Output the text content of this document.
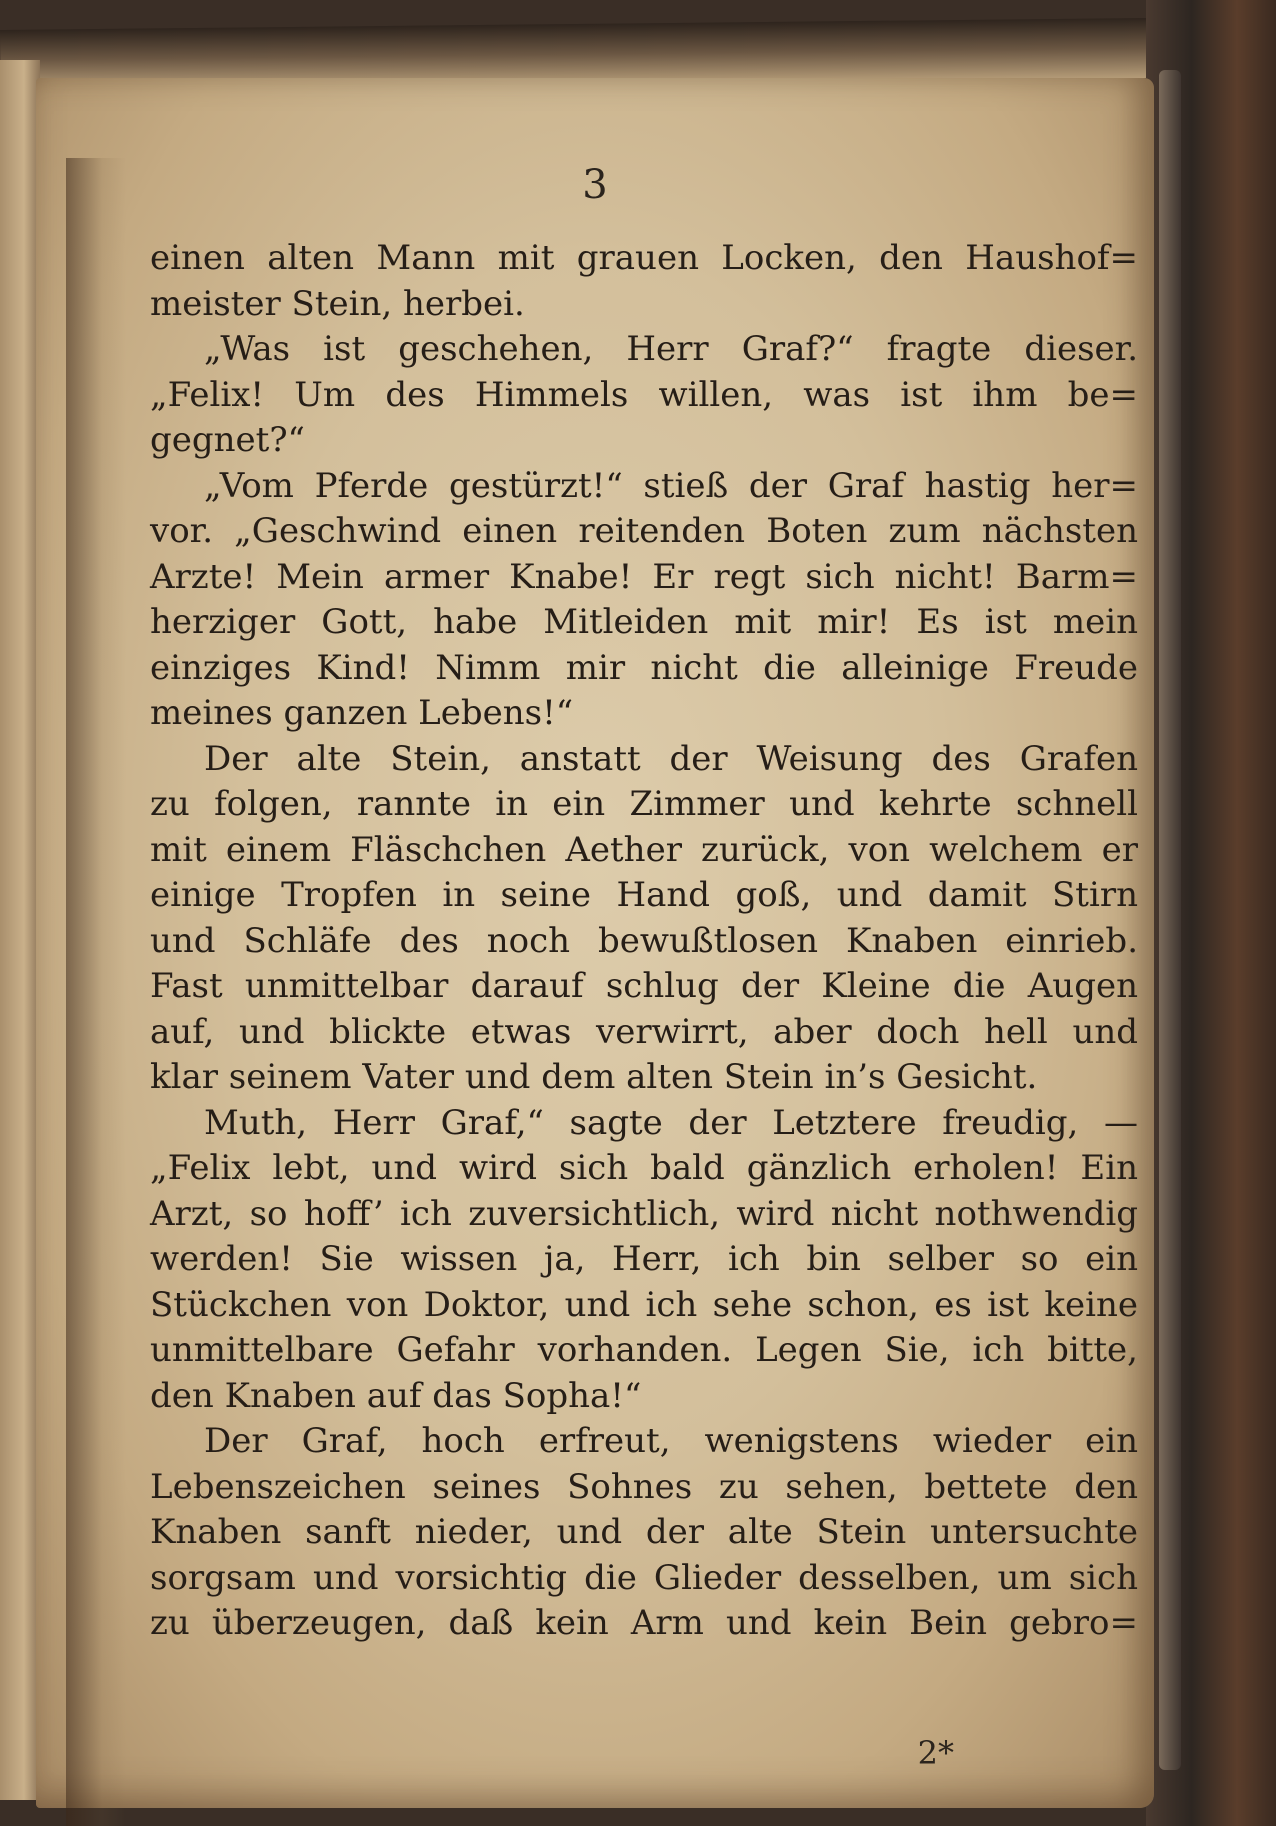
3
einen alten Mann mit grauen Locken, den Haushof=
meister Stein, herbei.
„Was ist geschehen, Herr Graf?“ fragte dieser.
„Felix! Um des Himmels willen, was ist ihm be=
gegnet?“
„Vom Pferde gestürzt!“ stieß der Graf hastig her=
vor. „Geschwind einen reitenden Boten zum nächsten
Arzte! Mein armer Knabe! Er regt sich nicht! Barm=
herziger Gott, habe Mitleiden mit mir! Es ist mein
einziges Kind! Nimm mir nicht die alleinige Freude
meines ganzen Lebens!“
Der alte Stein, anstatt der Weisung des Grafen
zu folgen, rannte in ein Zimmer und kehrte schnell
mit einem Fläschchen Aether zurück, von welchem er
einige Tropfen in seine Hand goß, und damit Stirn
und Schläfe des noch bewußtlosen Knaben einrieb.
Fast unmittelbar darauf schlug der Kleine die Augen
auf, und blickte etwas verwirrt, aber doch hell und
klar seinem Vater und dem alten Stein in’s Gesicht.
Muth, Herr Graf,“ sagte der Letztere freudig, —
„Felix lebt, und wird sich bald gänzlich erholen! Ein
Arzt, so hoff’ ich zuversichtlich, wird nicht nothwendig
werden! Sie wissen ja, Herr, ich bin selber so ein
Stückchen von Doktor, und ich sehe schon, es ist keine
unmittelbare Gefahr vorhanden. Legen Sie, ich bitte,
den Knaben auf das Sopha!“
Der Graf, hoch erfreut, wenigstens wieder ein
Lebenszeichen seines Sohnes zu sehen, bettete den
Knaben sanft nieder, und der alte Stein untersuchte
sorgsam und vorsichtig die Glieder desselben, um sich
zu überzeugen, daß kein Arm und kein Bein gebro=
2*
